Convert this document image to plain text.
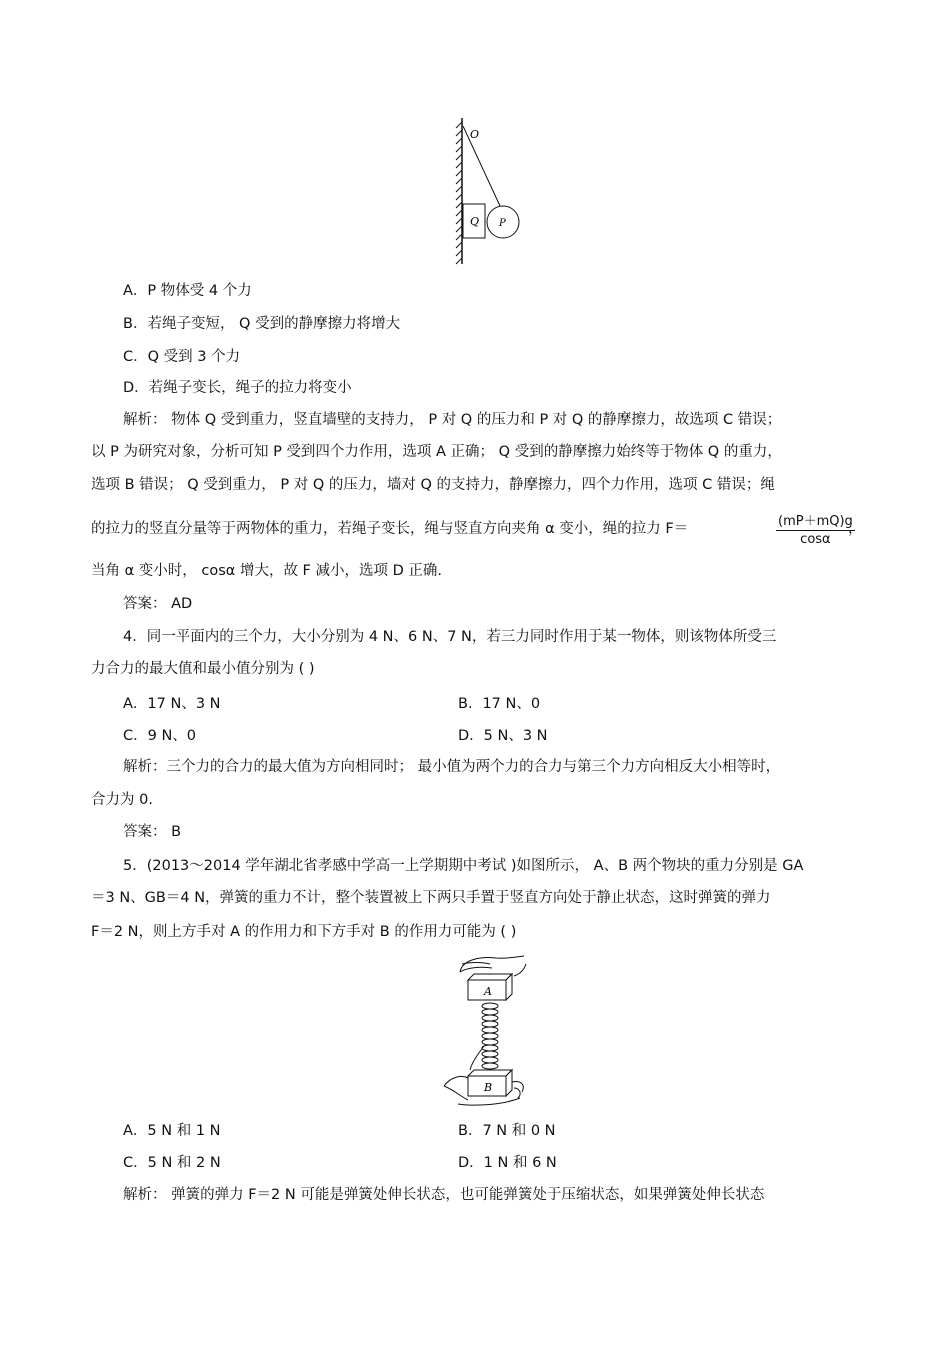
O
Q P
A．P 物体受 4 个力
B．若绳子变短， Q 受到的静摩擦力将增大
C．Q 受到 3 个力
D．若绳子变长，绳子的拉力将变小
解析： 物体 Q 受到重力，竖直墙壁的支持力， P 对 Q 的压力和 P 对 Q 的静摩擦力，故选项 C 错误；
以 P 为研究对象，分析可知 P 受到四个力作用，选项 A 正确； Q 受到的静摩擦力始终等于物体 Q 的重力，
选项 B 错误； Q 受到重力， P 对 Q 的压力，墙对 Q 的支持力，静摩擦力，四个力作用，选项 C 错误；绳
的拉力的竖直分量等于两物体的重力，若绳子变长，绳与竖直方向夹角 α 变小，绳的拉力 F＝	(mP＋mQ)g
cosα
，
当角 α 变小时， cosα 增大，故 F 减小，选项 D 正确.
答案： AD
4．同一平面内的三个力，大小分别为 4 N、6 N、7 N，若三力同时作用于某一物体，则该物体所受三
力合力的最大值和最小值分别为 ( )
A．17 N、3 N	B．17 N、0
C．9 N、0	D．5 N、3 N
解析：三个力的合力的最大值为方向相同时； 最小值为两个力的合力与第三个力方向相反大小相等时，
合力为 0.
答案： B
5．(2013～2014 学年湖北省孝感中学高一上学期期中考试 )如图所示， A、B 两个物块的重力分别是 GA
＝3 N、GB＝4 N，弹簧的重力不计，整个装置被上下两只手置于竖直方向处于静止状态，这时弹簧的弹力
F＝2 N，则上方手对 A 的作用力和下方手对 B 的作用力可能为 ( )
A
B
A．5 N 和 1 N	B．7 N 和 0 N
C．5 N 和 2 N	D．1 N 和 6 N
解析： 弹簧的弹力 F＝2 N 可能是弹簧处伸长状态，也可能弹簧处于压缩状态，如果弹簧处伸长状态
